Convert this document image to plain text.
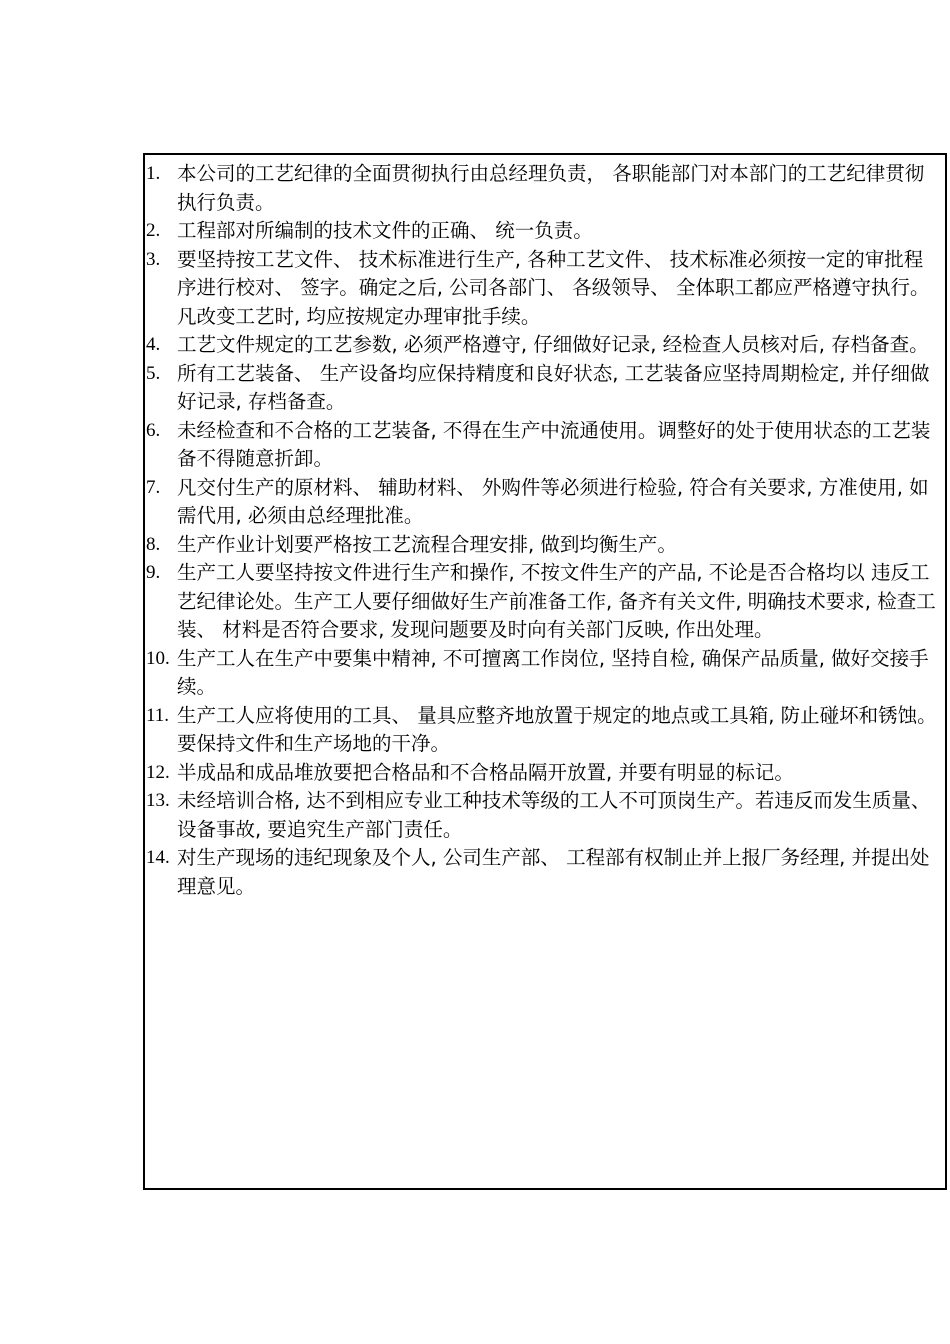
1. 本公司的工艺纪律的全面贯彻执行由总经理负责， 各职能部门对本部门的工艺纪律贯彻执行负责。
2. 工程部对所编制的技术文件的正确、 统一负责。
3. 要坚持按工艺文件、 技术标准进行生产, 各种工艺文件、 技术标准必须按一定的审批程序进行校对、 签字。确定之后, 公司各部门、 各级领导、 全体职工都应严格遵守执行。凡改变工艺时, 均应按规定办理审批手续。
4. 工艺文件规定的工艺参数, 必须严格遵守, 仔细做好记录, 经检查人员核对后, 存档备查。
5. 所有工艺装备、 生产设备均应保持精度和良好状态, 工艺装备应坚持周期检定, 并仔细做好记录, 存档备查。
6. 未经检查和不合格的工艺装备, 不得在生产中流通使用。调整好的处于使用状态的工艺装备不得随意折卸。
7. 凡交付生产的原材料、 辅助材料、 外购件等必须进行检验, 符合有关要求, 方准使用, 如需代用, 必须由总经理批准。
8. 生产作业计划要严格按工艺流程合理安排, 做到均衡生产。
9. 生产工人要坚持按文件进行生产和操作, 不按文件生产的产品, 不论是否合格均以 违反工艺纪律论处。生产工人要仔细做好生产前准备工作, 备齐有关文件, 明确技术要求, 检查工装、 材料是否符合要求, 发现问题要及时向有关部门反映, 作出处理。
10. 生产工人在生产中要集中精神, 不可擅离工作岗位, 坚持自检, 确保产品质量, 做好交接手续。
11. 生产工人应将使用的工具、 量具应整齐地放置于规定的地点或工具箱, 防止碰坏和锈蚀。要保持文件和生产场地的干净。
12. 半成品和成品堆放要把合格品和不合格品隔开放置, 并要有明显的标记。
13. 未经培训合格, 达不到相应专业工种技术等级的工人不可顶岗生产。若违反而发生质量、 设备事故, 要追究生产部门责任。
14. 对生产现场的违纪现象及个人, 公司生产部、 工程部有权制止并上报厂务经理, 并提出处理意见。
